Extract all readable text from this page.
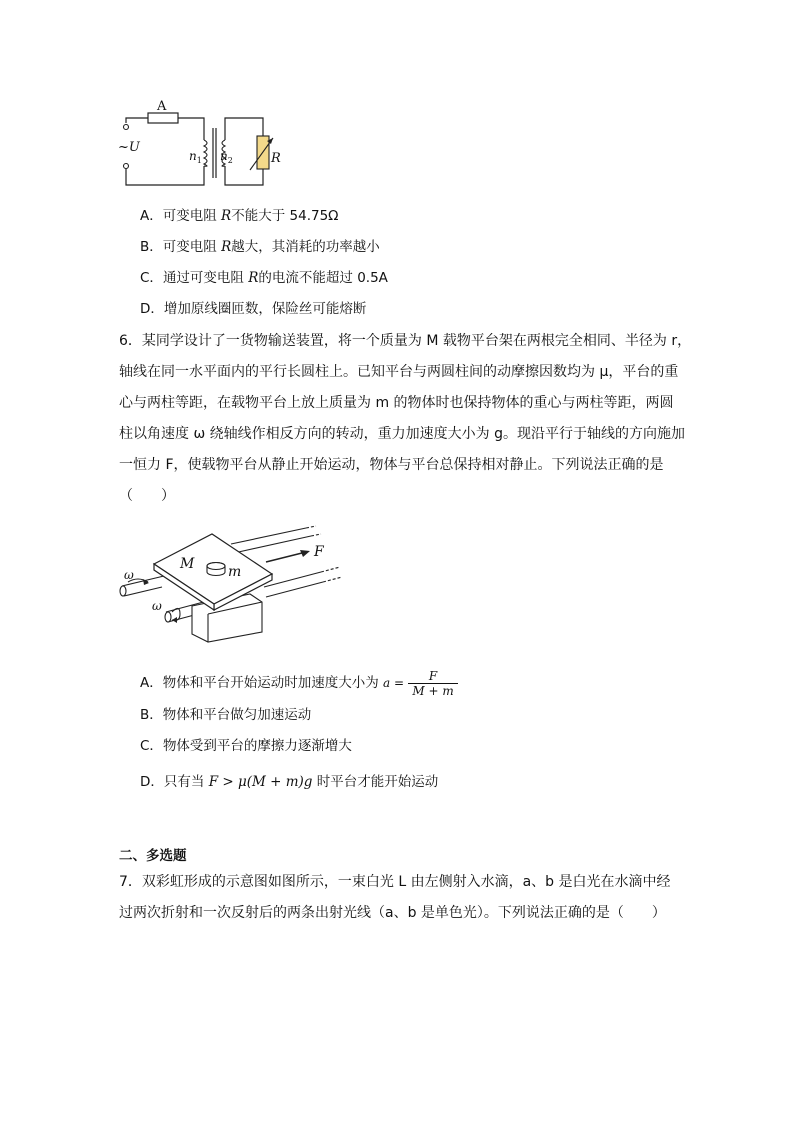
A
~U
$n_1$ $n_2$	R
A．可变电阻 R不能大于 54.75Ω
B．可变电阻 R越大，其消耗的功率越小
C．通过可变电阻 R的电流不能超过 0.5A
D．增加原线圈匝数，保险丝可能熔断
6．某同学设计了一货物输送装置，将一个质量为 M 载物平台架在两根完全相同、半径为 r，
轴线在同一水平面内的平行长圆柱上。已知平台与两圆柱间的动摩擦因数均为 μ，平台的重
心与两柱等距，在载物平台上放上质量为 m 的物体时也保持物体的重心与两柱等距，两圆
柱以角速度 ω 绕轴线作相反方向的转动，重力加速度大小为 g。现沿平行于轴线的方向施加
一恒力 F，使载物平台从静止开始运动，物体与平台总保持相对静止。下列说法正确的是
（　　）
M m
F
ω
ω
A．物体和平台开始运动时加速度大小为 $a = \frac{F}{M + m}$
B．物体和平台做匀加速运动
C．物体受到平台的摩擦力逐渐增大
D．只有当 F > μ(M + m)g 时平台才能开始运动
二、多选题
7．双彩虹形成的示意图如图所示，一束白光 L 由左侧射入水滴，a、b 是白光在水滴中经
过两次折射和一次反射后的两条出射光线（a、b 是单色光）。下列说法正确的是（　　）
